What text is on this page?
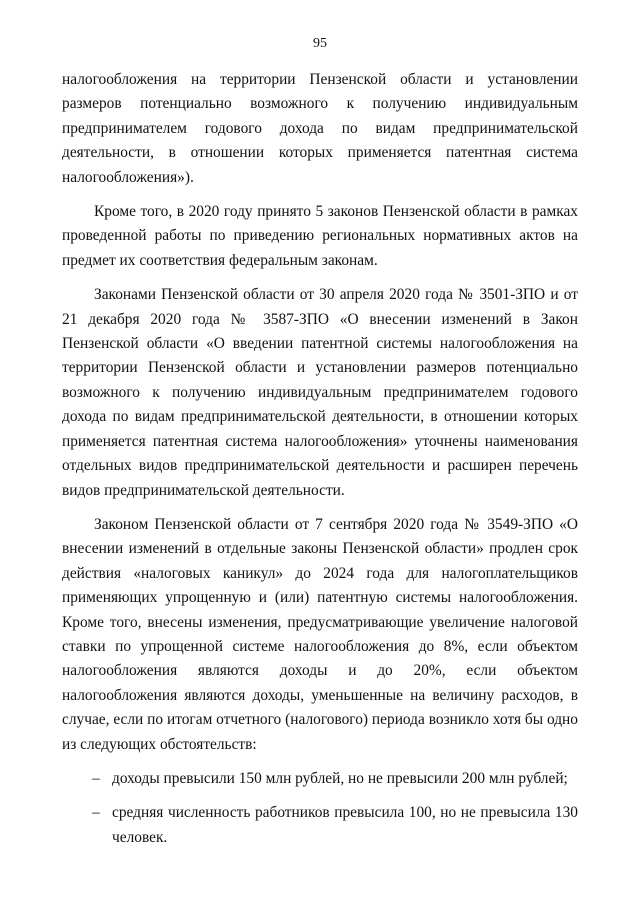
95

налогообложения на территории Пензенской области и установлении размеров потенциально возможного к получению индивидуальным предпринимателем годового дохода по видам предпринимательской деятельности, в отношении которых применяется патентная система налогообложения»).

Кроме того, в 2020 году принято 5 законов Пензенской области в рамках проведенной работы по приведению региональных нормативных актов на предмет их соответствия федеральным законам.

Законами Пензенской области от 30 апреля 2020 года № 3501-ЗПО и от 21 декабря 2020 года № 3587-ЗПО «О внесении изменений в Закон Пензенской области «О введении патентной системы налогообложения на территории Пензенской области и установлении размеров потенциально возможного к получению индивидуальным предпринимателем годового дохода по видам предпринимательской деятельности, в отношении которых применяется патентная система налогообложения» уточнены наименования отдельных видов предпринимательской деятельности и расширен перечень видов предпринимательской деятельности.

Законом Пензенской области от 7 сентября 2020 года № 3549-ЗПО «О внесении изменений в отдельные законы Пензенской области» продлен срок действия «налоговых каникул» до 2024 года для налогоплательщиков применяющих упрощенную и (или) патентную системы налогообложения. Кроме того, внесены изменения, предусматривающие увеличение налоговой ставки по упрощенной системе налогообложения до 8%, если объектом налогообложения являются доходы и до 20%, если объектом налогообложения являются доходы, уменьшенные на величину расходов, в случае, если по итогам отчетного (налогового) периода возникло хотя бы одно из следующих обстоятельств:

– доходы превысили 150 млн рублей, но не превысили 200 млн рублей;
– средняя численность работников превысила 100, но не превысила 130 человек.
